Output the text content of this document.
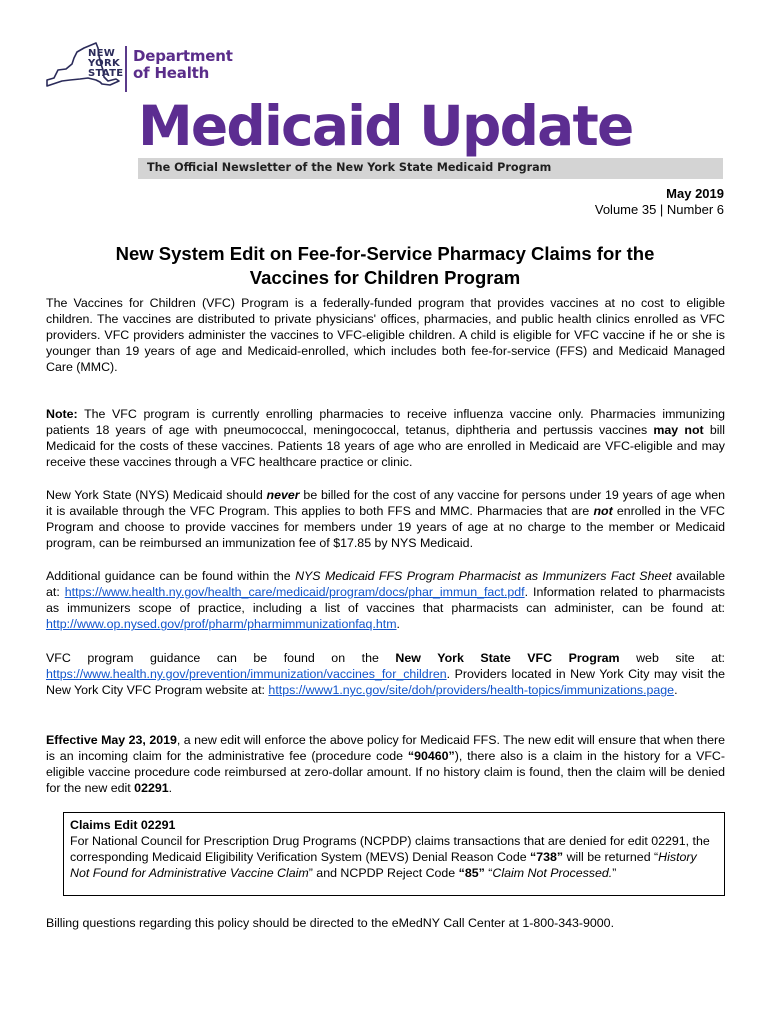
NEW
YORK
STATE
Department
of Health
Medicaid Update
The Official Newsletter of the New York State Medicaid Program
May 2019
Volume 35 | Number 6
New System Edit on Fee-for-Service Pharmacy Claims for the
Vaccines for Children Program

The Vaccines for Children (VFC) Program is a federally-funded program that provides vaccines at no cost to eligible children. The vaccines are distributed to private physicians' offices, pharmacies, and public health clinics enrolled as VFC providers. VFC providers administer the vaccines to VFC-eligible children. A child is eligible for VFC vaccine if he or she is younger than 19 years of age and Medicaid-enrolled, which includes both fee-for-service (FFS) and Medicaid Managed Care (MMC).

Note: The VFC program is currently enrolling pharmacies to receive influenza vaccine only. Pharmacies immunizing patients 18 years of age with pneumococcal, meningococcal, tetanus, diphtheria and pertussis vaccines may not bill Medicaid for the costs of these vaccines. Patients 18 years of age who are enrolled in Medicaid are VFC-eligible and may receive these vaccines through a VFC healthcare practice or clinic.

New York State (NYS) Medicaid should never be billed for the cost of any vaccine for persons under 19 years of age when it is available through the VFC Program. This applies to both FFS and MMC. Pharmacies that are not enrolled in the VFC Program and choose to provide vaccines for members under 19 years of age at no charge to the member or Medicaid program, can be reimbursed an immunization fee of $17.85 by NYS Medicaid.

Additional guidance can be found within the NYS Medicaid FFS Program Pharmacist as Immunizers Fact Sheet available at: https://www.health.ny.gov/health_care/medicaid/program/docs/phar_immun_fact.pdf. Information related to pharmacists as immunizers scope of practice, including a list of vaccines that pharmacists can administer, can be found at: http://www.op.nysed.gov/prof/pharm/pharmimmunizationfaq.htm.

VFC program guidance can be found on the New York State VFC Program web site at: https://www.health.ny.gov/prevention/immunization/vaccines_for_children. Providers located in New York City may visit the New York City VFC Program website at: https://www1.nyc.gov/site/doh/providers/health-topics/immunizations.page.

Effective May 23, 2019, a new edit will enforce the above policy for Medicaid FFS. The new edit will ensure that when there is an incoming claim for the administrative fee (procedure code “90460”), there also is a claim in the history for a VFC-eligible vaccine procedure code reimbursed at zero-dollar amount. If no history claim is found, then the claim will be denied for the new edit 02291.

Claims Edit 02291
For National Council for Prescription Drug Programs (NCPDP) claims transactions that are denied for edit 02291, the corresponding Medicaid Eligibility Verification System (MEVS) Denial Reason Code “738” will be returned “History Not Found for Administrative Vaccine Claim” and NCPDP Reject Code “85” “Claim Not Processed.”

Billing questions regarding this policy should be directed to the eMedNY Call Center at 1-800-343-9000.
